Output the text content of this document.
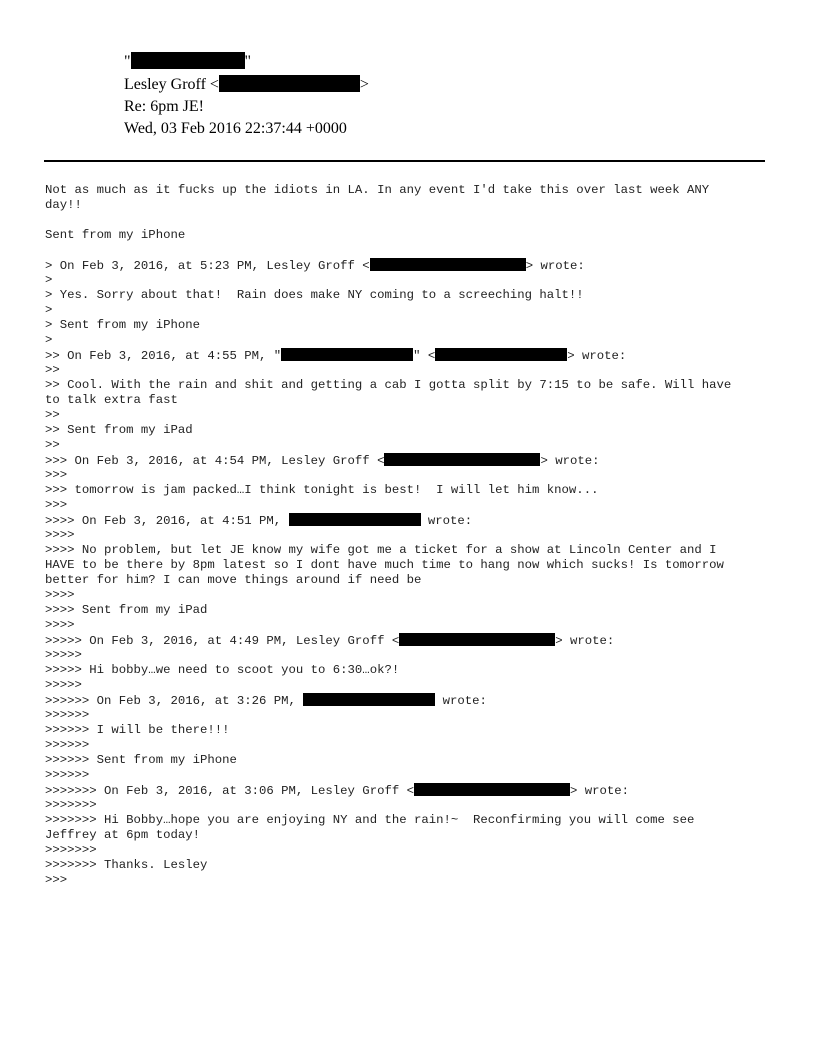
"	"
Lesley Groff <	>
Re: 6pm JE!
Wed, 03 Feb 2016 22:37:44 +0000
Not as much as it fucks up the idiots in LA. In any event I'd take this over last week ANY
day!!
Sent from my iPhone
> On Feb 3, 2016, at 5:23 PM, Lesley Groff <	> wrote:
>
> Yes. Sorry about that!  Rain does make NY coming to a screeching halt!!
>
> Sent from my iPhone
>
>> On Feb 3, 2016, at 4:55 PM, "	" <	> wrote:
>>
>> Cool. With the rain and shit and getting a cab I gotta split by 7:15 to be safe. Will have
to talk extra fast
>>
>> Sent from my iPad
>>
>>> On Feb 3, 2016, at 4:54 PM, Lesley Groff <	> wrote:
>>>
>>> tomorrow is jam packed…I think tonight is best!  I will let him know...
>>>
>>>> On Feb 3, 2016, at 4:51 PM,	wrote:
>>>>
>>>> No problem, but let JE know my wife got me a ticket for a show at Lincoln Center and I
HAVE to be there by 8pm latest so I dont have much time to hang now which sucks! Is tomorrow
better for him? I can move things around if need be
>>>>
>>>> Sent from my iPad
>>>>
>>>>> On Feb 3, 2016, at 4:49 PM, Lesley Groff <	> wrote:
>>>>>
>>>>> Hi bobby…we need to scoot you to 6:30…ok?!
>>>>>
>>>>>> On Feb 3, 2016, at 3:26 PM,	wrote:
>>>>>>
>>>>>> I will be there!!!
>>>>>>
>>>>>> Sent from my iPhone
>>>>>>
>>>>>>> On Feb 3, 2016, at 3:06 PM, Lesley Groff <	> wrote:
>>>>>>>
>>>>>>> Hi Bobby…hope you are enjoying NY and the rain!~  Reconfirming you will come see
Jeffrey at 6pm today!
>>>>>>>
>>>>>>> Thanks. Lesley
>>>
